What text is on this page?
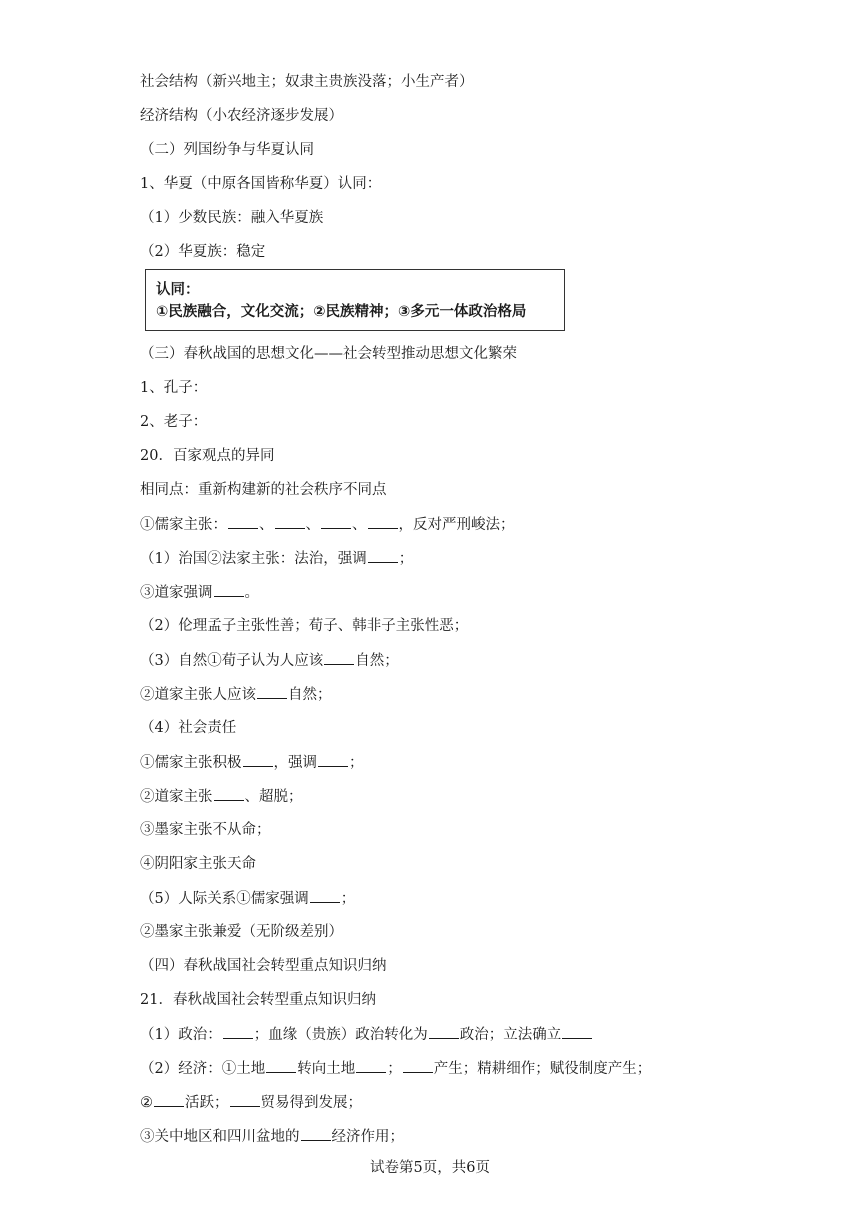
社会结构（新兴地主；奴隶主贵族没落；小生产者）
经济结构（小农经济逐步发展）
（二）列国纷争与华夏认同
1、华夏（中原各国皆称华夏）认同：
（1）少数民族：融入华夏族
（2）华夏族：稳定
认同：
①民族融合，文化交流；②民族精神；③多元一体政治格局
（三）春秋战国的思想文化——社会转型推动思想文化繁荣
1、孔子：
2、老子：
20．百家观点的异同
相同点：重新构建新的社会秩序不同点
①儒家主张： 、 、 、 ，反对严刑峻法；
（1）治国②法家主张：法治，强调 ；
③道家强调 。
（2）伦理孟子主张性善；荀子、韩非子主张性恶；
（3）自然①荀子认为人应该 自然；
②道家主张人应该 自然；
（4）社会责任
①儒家主张积极 ，强调 ；
②道家主张 、超脱；
③墨家主张不从命；
④阴阳家主张天命
（5）人际关系①儒家强调 ；
②墨家主张兼爱（无阶级差别）
（四）春秋战国社会转型重点知识归纳
21．春秋战国社会转型重点知识归纳
（1）政治： ；血缘（贵族）政治转化为 政治；立法确立
（2）经济：①土地 转向土地 ； 产生；精耕细作；赋役制度产生；
② 活跃； 贸易得到发展；
③关中地区和四川盆地的 经济作用；
试卷第5页，共6页
